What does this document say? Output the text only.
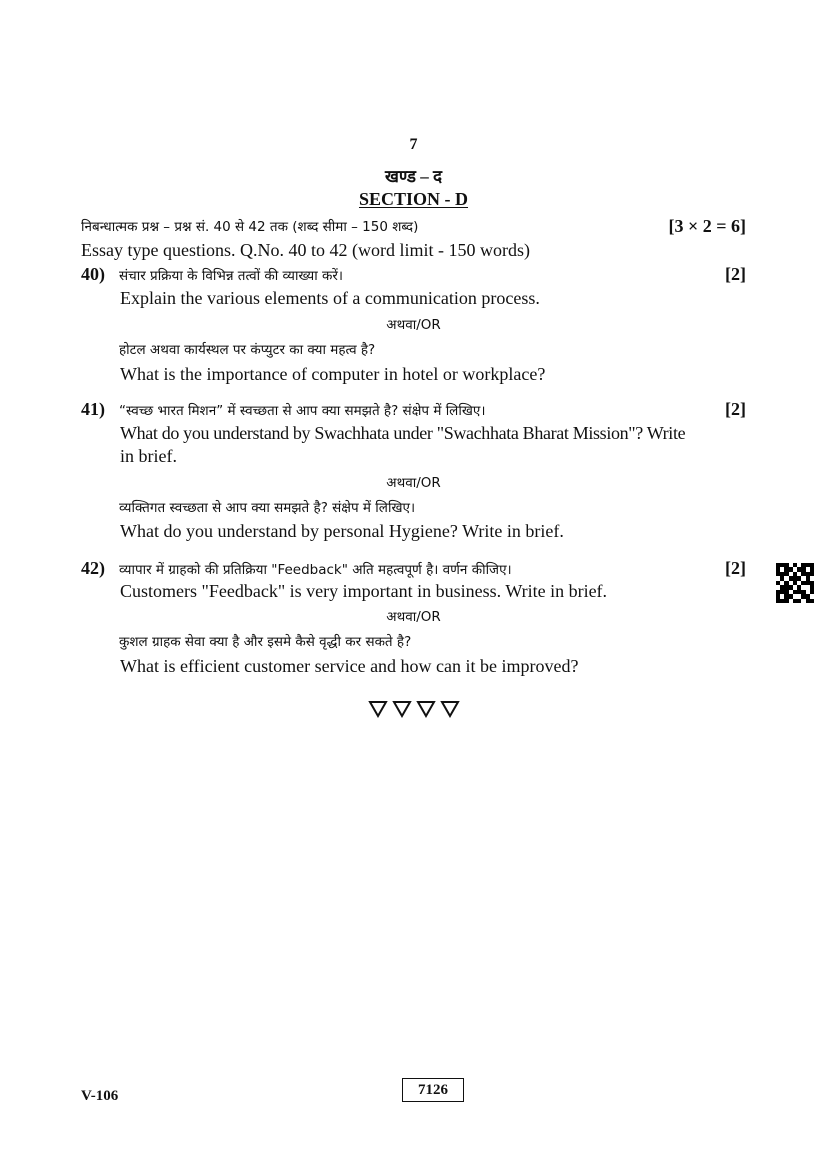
7
खण्ड – द
SECTION - D
निबन्धात्मक प्रश्न – प्रश्न सं. 40 से 42 तक (शब्द सीमा – 150 शब्द)	[3 × 2 = 6]
Essay type questions. Q.No. 40 to 42 (word limit - 150 words)
40) संचार प्रक्रिया के विभिन्न तत्वों की व्याख्या करें।	[2]
Explain the various elements of a communication process.
अथवा/OR
होटल अथवा कार्यस्थल पर कंप्युटर का क्या महत्व है?
What is the importance of computer in hotel or workplace?
41) “स्वच्छ भारत मिशन” में स्वच्छता से आप क्या समझते है? संक्षेप में लिखिए।	[2]
What do you understand by Swachhata under "Swachhata Bharat Mission"? Write
in brief.
अथवा/OR
व्यक्तिगत स्वच्छता से आप क्या समझते है? संक्षेप में लिखिए।
What do you understand by personal Hygiene? Write in brief.
42) व्यापार में ग्राहको की प्रतिक्रिया "Feedback" अति महत्वपूर्ण है। वर्णन कीजिए।	[2]
Customers "Feedback" is very important in business. Write in brief.
अथवा/OR
कुशल ग्राहक सेवा क्या है और इसमे कैसे वृद्धी कर सकते है?
What is efficient customer service and how can it be improved?
V-106	7126
